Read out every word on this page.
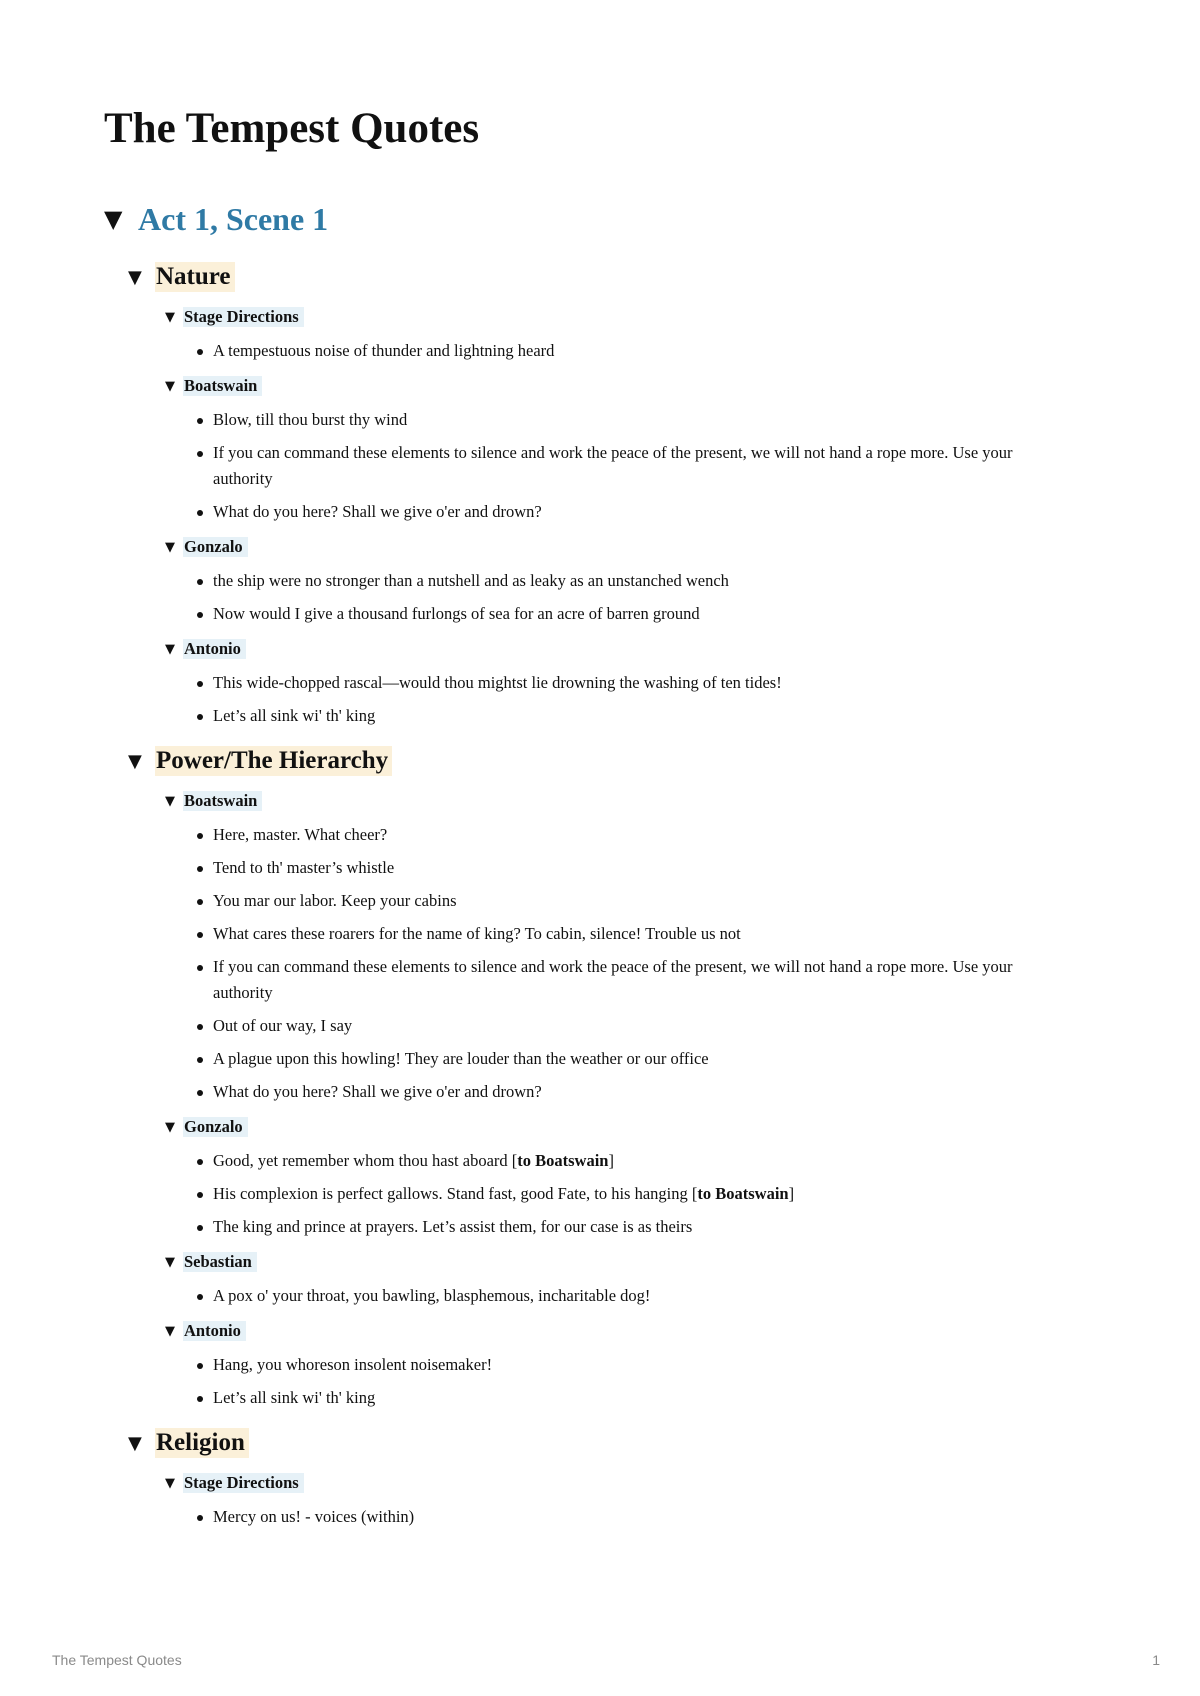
The Tempest Quotes
▼ Act 1, Scene 1
▼ Nature
▼ Stage Directions
A tempestuous noise of thunder and lightning heard
▼ Boatswain
Blow, till thou burst thy wind
If you can command these elements to silence and work the peace of the present, we will not hand a rope more. Use your authority
What do you here? Shall we give o'er and drown?
▼ Gonzalo
the ship were no stronger than a nutshell and as leaky as an unstanched wench
Now would I give a thousand furlongs of sea for an acre of barren ground
▼ Antonio
This wide-chopped rascal—would thou mightst lie drowning the washing of ten tides!
Let’s all sink wi' th' king
▼ Power/The Hierarchy
▼ Boatswain
Here, master. What cheer?
Tend to th' master’s whistle
You mar our labor. Keep your cabins
What cares these roarers for the name of king? To cabin, silence! Trouble us not
If you can command these elements to silence and work the peace of the present, we will not hand a rope more. Use your authority
Out of our way, I say
A plague upon this howling! They are louder than the weather or our office
What do you here? Shall we give o'er and drown?
▼ Gonzalo
Good, yet remember whom thou hast aboard [to Boatswain]
His complexion is perfect gallows. Stand fast, good Fate, to his hanging [to Boatswain]
The king and prince at prayers. Let’s assist them, for our case is as theirs
▼ Sebastian
A pox o' your throat, you bawling, blasphemous, incharitable dog!
▼ Antonio
Hang, you whoreson insolent noisemaker!
Let’s all sink wi' th' king
▼ Religion
▼ Stage Directions
Mercy on us! - voices (within)
The Tempest Quotes	1
